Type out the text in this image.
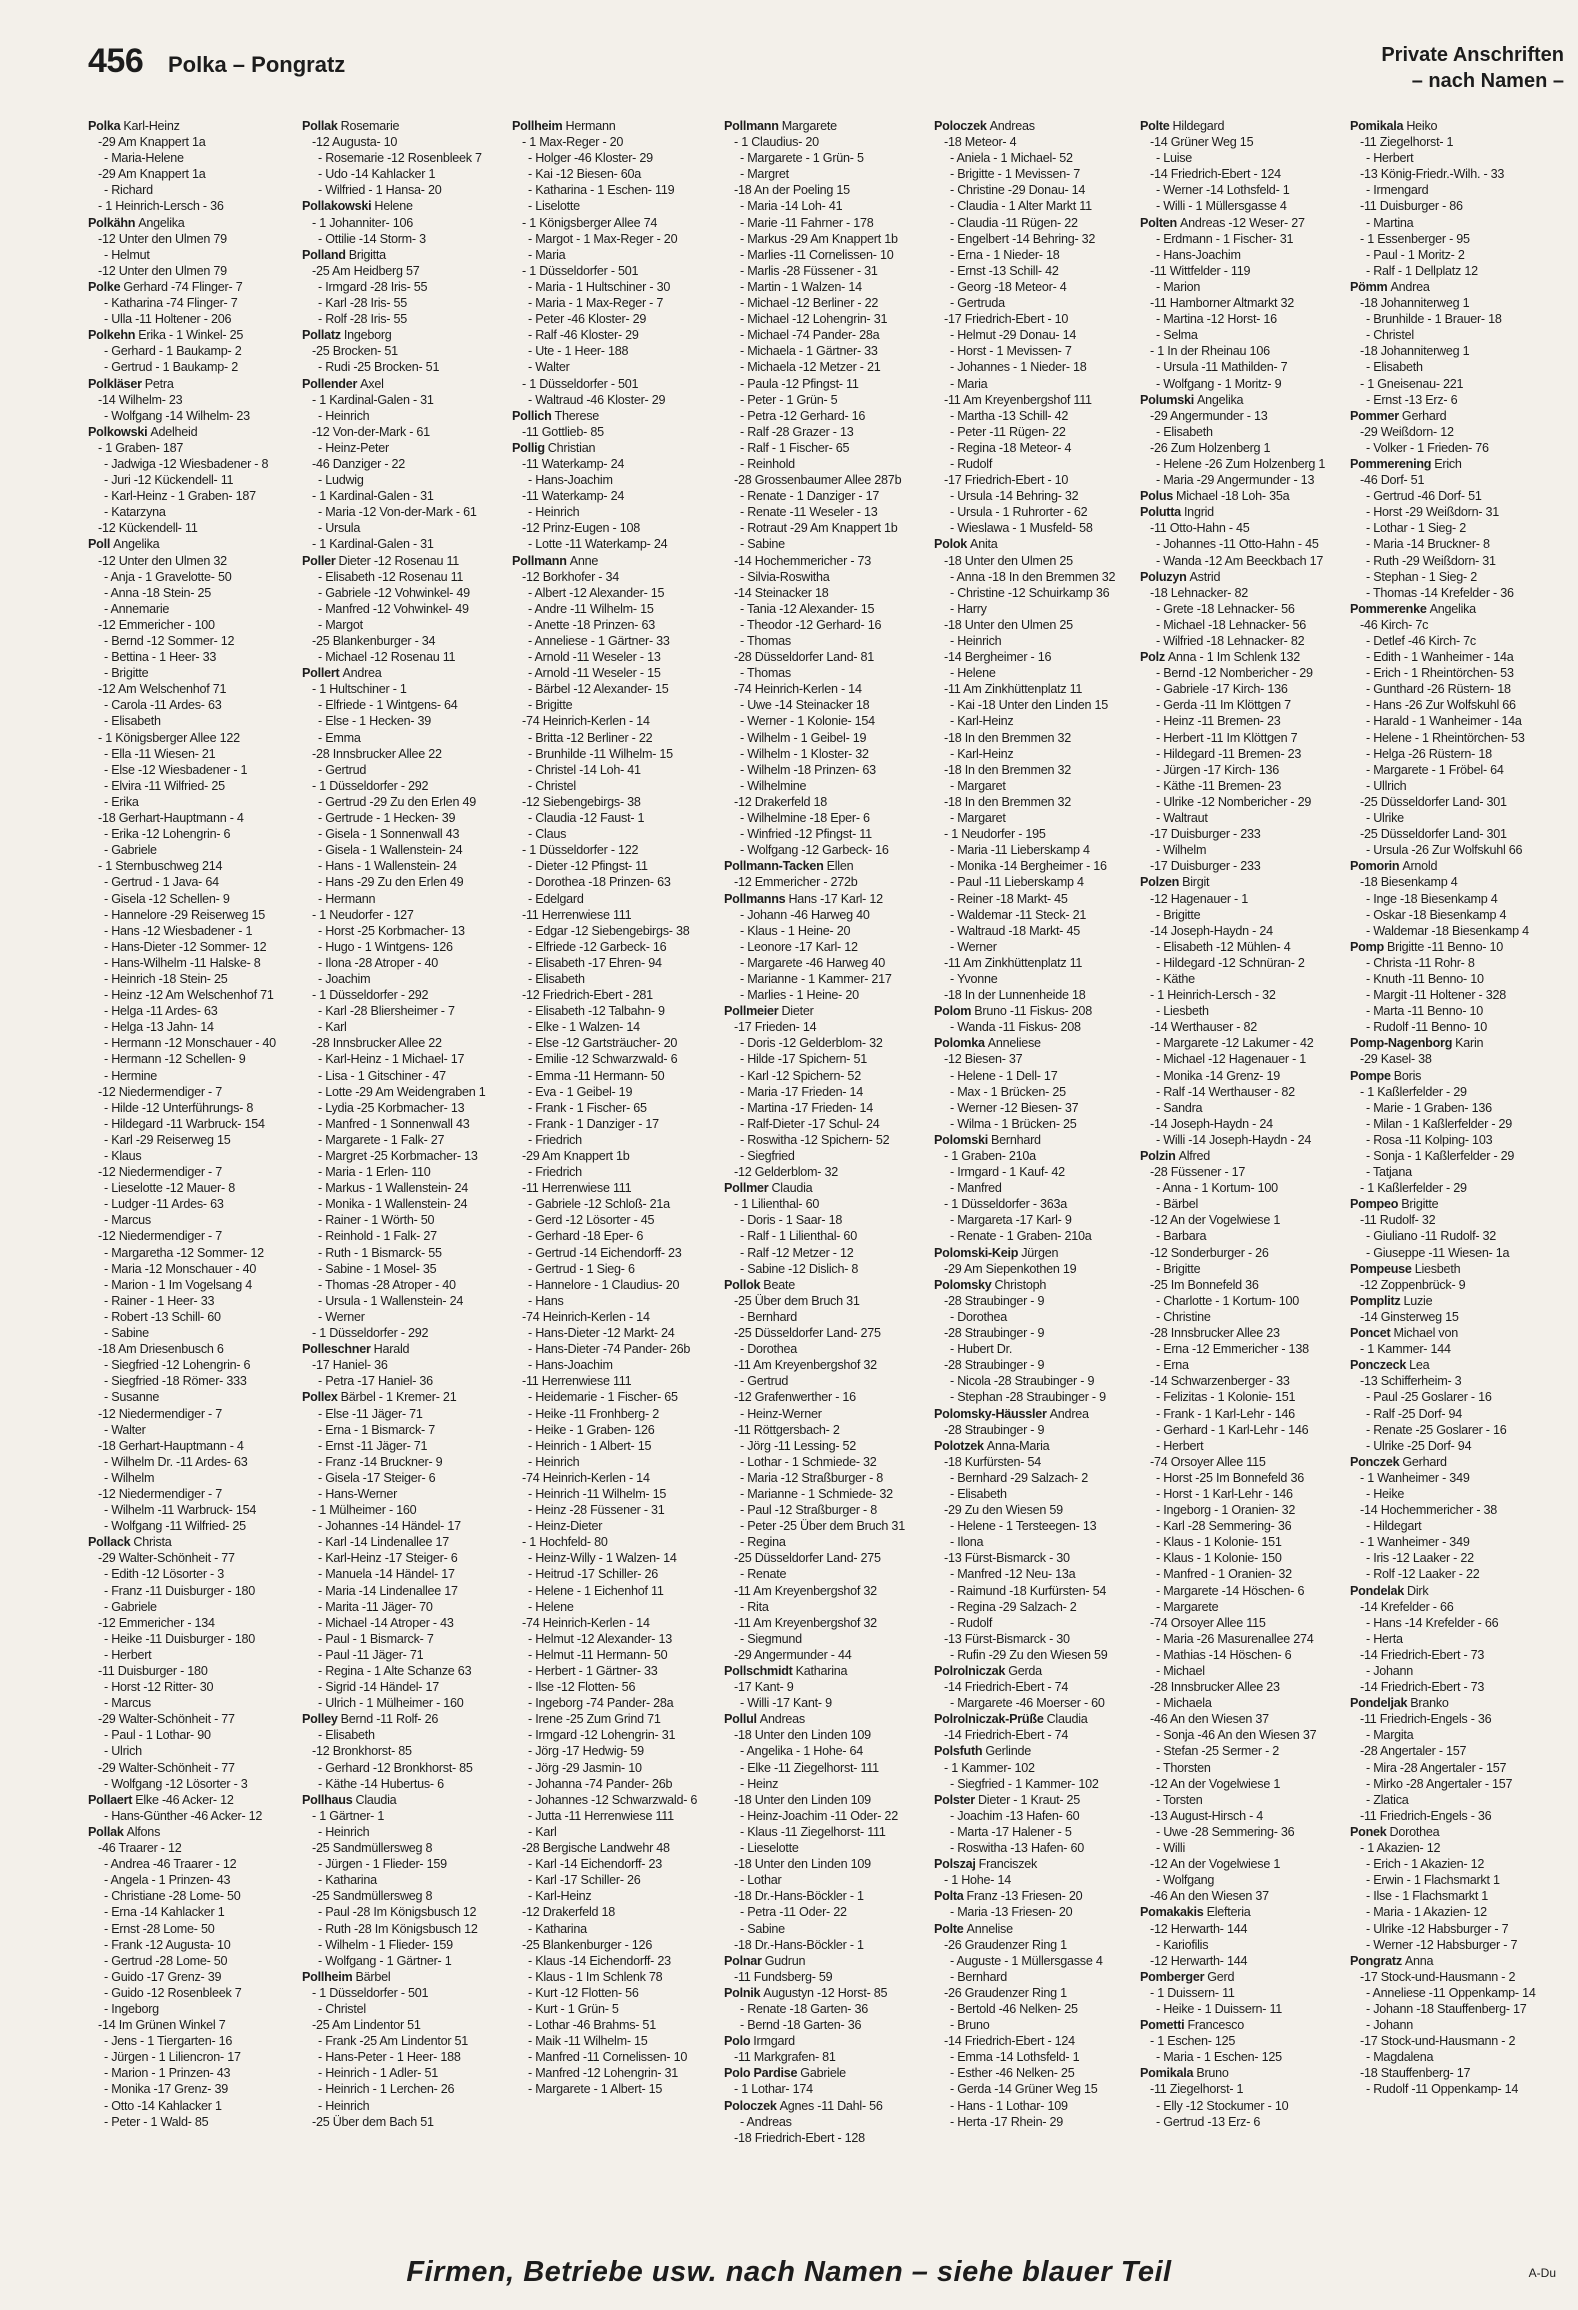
456 Polka – Pongratz	Private Anschriften
– nach Namen –
Polka Karl-Heinz
-29 Am Knappert 1a
- Maria-Helene
-29 Am Knappert 1a
- Richard
- 1 Heinrich-Lersch - 36
Polkähn Angelika
-12 Unter den Ulmen 79
- Helmut
-12 Unter den Ulmen 79
Polke Gerhard -74 Flinger- 7
- Katharina -74 Flinger- 7
- Ulla -11 Holtener - 206
Polkehn Erika - 1 Winkel- 25
- Gerhard - 1 Baukamp- 2
- Gertrud - 1 Baukamp- 2
Polkläser Petra
-14 Wilhelm- 23
- Wolfgang -14 Wilhelm- 23
Polkowski Adelheid
- 1 Graben- 187
- Jadwiga -12 Wiesbadener - 8
- Juri -12 Kückendell- 11
- Karl-Heinz - 1 Graben- 187
- Katarzyna
-12 Kückendell- 11
Poll Angelika
-12 Unter den Ulmen 32
- Anja - 1 Gravelotte- 50
- Anna -18 Stein- 25
- Annemarie
-12 Emmericher - 100
- Bernd -12 Sommer- 12
- Bettina - 1 Heer- 33
- Brigitte
-12 Am Welschenhof 71
- Carola -11 Ardes- 63
- Elisabeth
- 1 Königsberger Allee 122
- Ella -11 Wiesen- 21
- Else -12 Wiesbadener - 1
- Elvira -11 Wilfried- 25
- Erika
-18 Gerhart-Hauptmann - 4
- Erika -12 Lohengrin- 6
- Gabriele
- 1 Sternbuschweg 214
- Gertrud - 1 Java- 64
- Gisela -12 Schellen- 9
- Hannelore -29 Reiserweg 15
- Hans -12 Wiesbadener - 1
- Hans-Dieter -12 Sommer- 12
- Hans-Wilhelm -11 Halske- 8
- Heinrich -18 Stein- 25
- Heinz -12 Am Welschenhof 71
- Helga -11 Ardes- 63
- Helga -13 Jahn- 14
- Hermann -12 Monschauer - 40
- Hermann -12 Schellen- 9
- Hermine
-12 Niedermendiger - 7
- Hilde -12 Unterführungs- 8
- Hildegard -11 Warbruck- 154
- Karl -29 Reiserweg 15
- Klaus
-12 Niedermendiger - 7
- Lieselotte -12 Mauer- 8
- Ludger -11 Ardes- 63
- Marcus
-12 Niedermendiger - 7
- Margaretha -12 Sommer- 12
- Maria -12 Monschauer - 40
- Marion - 1 Im Vogelsang 4
- Rainer - 1 Heer- 33
- Robert -13 Schill- 60
- Sabine
-18 Am Driesenbusch 6
- Siegfried -12 Lohengrin- 6
- Siegfried -18 Römer- 333
- Susanne
-12 Niedermendiger - 7
- Walter
-18 Gerhart-Hauptmann - 4
- Wilhelm Dr. -11 Ardes- 63
- Wilhelm
-12 Niedermendiger - 7
- Wilhelm -11 Warbruck- 154
- Wolfgang -11 Wilfried- 25
Pollack Christa
-29 Walter-Schönheit - 77
- Edith -12 Lösorter - 3
- Franz -11 Duisburger - 180
- Gabriele
-12 Emmericher - 134
- Heike -11 Duisburger - 180
- Herbert
-11 Duisburger - 180
- Horst -12 Ritter- 30
- Marcus
-29 Walter-Schönheit - 77
- Paul - 1 Lothar- 90
- Ulrich
-29 Walter-Schönheit - 77
- Wolfgang -12 Lösorter - 3
Pollaert Elke -46 Acker- 12
- Hans-Günther -46 Acker- 12
Pollak Alfons
-46 Traarer - 12
- Andrea -46 Traarer - 12
- Angela - 1 Prinzen- 43
- Christiane -28 Lome- 50
- Erna -14 Kahlacker 1
- Ernst -28 Lome- 50
- Frank -12 Augusta- 10
- Gertrud -28 Lome- 50
- Guido -17 Grenz- 39
- Guido -12 Rosenbleek 7
- Ingeborg
-14 Im Grünen Winkel 7
- Jens - 1 Tiergarten- 16
- Jürgen - 1 Liliencron- 17
- Marion - 1 Prinzen- 43
- Monika -17 Grenz- 39
- Otto -14 Kahlacker 1
- Peter - 1 Wald- 85
Pollak Rosemarie
-12 Augusta- 10
- Rosemarie -12 Rosenbleek 7
- Udo -14 Kahlacker 1
- Wilfried - 1 Hansa- 20
Pollakowski Helene
- 1 Johanniter- 106
- Ottilie -14 Storm- 3
Polland Brigitta
-25 Am Heidberg 57
- Irmgard -28 Iris- 55
- Karl -28 Iris- 55
- Rolf -28 Iris- 55
Pollatz Ingeborg
-25 Brocken- 51
- Rudi -25 Brocken- 51
Pollender Axel
- 1 Kardinal-Galen - 31
- Heinrich
-12 Von-der-Mark - 61
- Heinz-Peter
-46 Danziger - 22
- Ludwig
- 1 Kardinal-Galen - 31
- Maria -12 Von-der-Mark - 61
- Ursula
- 1 Kardinal-Galen - 31
Poller Dieter -12 Rosenau 11
- Elisabeth -12 Rosenau 11
- Gabriele -12 Vohwinkel- 49
- Manfred -12 Vohwinkel- 49
- Margot
-25 Blankenburger - 34
- Michael -12 Rosenau 11
Pollert Andrea
- 1 Hultschiner - 1
- Elfriede - 1 Wintgens- 64
- Else - 1 Hecken- 39
- Emma
-28 Innsbrucker Allee 22
- Gertrud
- 1 Düsseldorfer - 292
- Gertrud -29 Zu den Erlen 49
- Gertrude - 1 Hecken- 39
- Gisela - 1 Sonnenwall 43
- Gisela - 1 Wallenstein- 24
- Hans - 1 Wallenstein- 24
- Hans -29 Zu den Erlen 49
- Hermann
- 1 Neudorfer - 127
- Horst -25 Korbmacher- 13
- Hugo - 1 Wintgens- 126
- Ilona -28 Atroper - 40
- Joachim
- 1 Düsseldorfer - 292
- Karl -28 Bliersheimer - 7
- Karl
-28 Innsbrucker Allee 22
- Karl-Heinz - 1 Michael- 17
- Lisa - 1 Gitschiner - 47
- Lotte -29 Am Weidengraben 1
- Lydia -25 Korbmacher- 13
- Manfred - 1 Sonnenwall 43
- Margarete - 1 Falk- 27
- Margret -25 Korbmacher- 13
- Maria - 1 Erlen- 110
- Markus - 1 Wallenstein- 24
- Monika - 1 Wallenstein- 24
- Rainer - 1 Wörth- 50
- Reinhold - 1 Falk- 27
- Ruth - 1 Bismarck- 55
- Sabine - 1 Mosel- 35
- Thomas -28 Atroper - 40
- Ursula - 1 Wallenstein- 24
- Werner
- 1 Düsseldorfer - 292
Polleschner Harald
-17 Haniel- 36
- Petra -17 Haniel- 36
Pollex Bärbel - 1 Kremer- 21
- Else -11 Jäger- 71
- Erna - 1 Bismarck- 7
- Ernst -11 Jäger- 71
- Franz -14 Bruckner- 9
- Gisela -17 Steiger- 6
- Hans-Werner
- 1 Mülheimer - 160
- Johannes -14 Händel- 17
- Karl -14 Lindenallee 17
- Karl-Heinz -17 Steiger- 6
- Manuela -14 Händel- 17
- Maria -14 Lindenallee 17
- Marita -11 Jäger- 70
- Michael -14 Atroper - 43
- Paul - 1 Bismarck- 7
- Paul -11 Jäger- 71
- Regina - 1 Alte Schanze 63
- Sigrid -14 Händel- 17
- Ulrich - 1 Mülheimer - 160
Polley Bernd -11 Rolf- 26
- Elisabeth
-12 Bronkhorst- 85
- Gerhard -12 Bronkhorst- 85
- Käthe -14 Hubertus- 6
Pollhaus Claudia
- 1 Gärtner- 1
- Heinrich
-25 Sandmüllersweg 8
- Jürgen - 1 Flieder- 159
- Katharina
-25 Sandmüllersweg 8
- Paul -28 Im Königsbusch 12
- Ruth -28 Im Königsbusch 12
- Wilhelm - 1 Flieder- 159
- Wolfgang - 1 Gärtner- 1
Pollheim Bärbel
- 1 Düsseldorfer - 501
- Christel
-25 Am Lindentor 51
- Frank -25 Am Lindentor 51
- Hans-Peter - 1 Heer- 188
- Heinrich - 1 Adler- 51
- Heinrich - 1 Lerchen- 26
- Heinrich
-25 Über dem Bach 51
Pollheim Hermann
- 1 Max-Reger - 20
- Holger -46 Kloster- 29
- Kai -12 Biesen- 60a
- Katharina - 1 Eschen- 119
- Liselotte
- 1 Königsberger Allee 74
- Margot - 1 Max-Reger - 20
- Maria
- 1 Düsseldorfer - 501
- Maria - 1 Hultschiner - 30
- Maria - 1 Max-Reger - 7
- Peter -46 Kloster- 29
- Ralf -46 Kloster- 29
- Ute - 1 Heer- 188
- Walter
- 1 Düsseldorfer - 501
- Waltraud -46 Kloster- 29
Pollich Therese
-11 Gottlieb- 85
Pollig Christian
-11 Waterkamp- 24
- Hans-Joachim
-11 Waterkamp- 24
- Heinrich
-12 Prinz-Eugen - 108
- Lotte -11 Waterkamp- 24
Pollmann Anne
-12 Borkhofer - 34
- Albert -12 Alexander- 15
- Andre -11 Wilhelm- 15
- Anette -18 Prinzen- 63
- Anneliese - 1 Gärtner- 33
- Arnold -11 Weseler - 13
- Arnold -11 Weseler - 15
- Bärbel -12 Alexander- 15
- Brigitte
-74 Heinrich-Kerlen - 14
- Britta -12 Berliner - 22
- Brunhilde -11 Wilhelm- 15
- Christel -14 Loh- 41
- Christel
-12 Siebengebirgs- 38
- Claudia -12 Faust- 1
- Claus
- 1 Düsseldorfer - 122
- Dieter -12 Pfingst- 11
- Dorothea -18 Prinzen- 63
- Edelgard
-11 Herrenwiese 111
- Edgar -12 Siebengebirgs- 38
- Elfriede -12 Garbeck- 16
- Elisabeth -17 Ehren- 94
- Elisabeth
-12 Friedrich-Ebert - 281
- Elisabeth -12 Talbahn- 9
- Elke - 1 Walzen- 14
- Else -12 Gartsträucher- 20
- Emilie -12 Schwarzwald- 6
- Emma -11 Hermann- 50
- Eva - 1 Geibel- 19
- Frank - 1 Fischer- 65
- Frank - 1 Danziger - 17
- Friedrich
-29 Am Knappert 1b
- Friedrich
-11 Herrenwiese 111
- Gabriele -12 Schloß- 21a
- Gerd -12 Lösorter - 45
- Gerhard -18 Eper- 6
- Gertrud -14 Eichendorff- 23
- Gertrud - 1 Sieg- 6
- Hannelore - 1 Claudius- 20
- Hans
-74 Heinrich-Kerlen - 14
- Hans-Dieter -12 Markt- 24
- Hans-Dieter -74 Pander- 26b
- Hans-Joachim
-11 Herrenwiese 111
- Heidemarie - 1 Fischer- 65
- Heike -11 Fronhberg- 2
- Heike - 1 Graben- 126
- Heinrich - 1 Albert- 15
- Heinrich
-74 Heinrich-Kerlen - 14
- Heinrich -11 Wilhelm- 15
- Heinz -28 Füssener - 31
- Heinz-Dieter
- 1 Hochfeld- 80
- Heinz-Willy - 1 Walzen- 14
- Heitrud -17 Schiller- 26
- Helene - 1 Eichenhof 11
- Helene
-74 Heinrich-Kerlen - 14
- Helmut -12 Alexander- 13
- Helmut -11 Hermann- 50
- Herbert - 1 Gärtner- 33
- Ilse -12 Flotten- 56
- Ingeborg -74 Pander- 28a
- Irene -25 Zum Grind 71
- Irmgard -12 Lohengrin- 31
- Jörg -17 Hedwig- 59
- Jörg -29 Jasmin- 10
- Johanna -74 Pander- 26b
- Johannes -12 Schwarzwald- 6
- Jutta -11 Herrenwiese 111
- Karl
-28 Bergische Landwehr 48
- Karl -14 Eichendorff- 23
- Karl -17 Schiller- 26
- Karl-Heinz
-12 Drakerfeld 18
- Katharina
-25 Blankenburger - 126
- Klaus -14 Eichendorff- 23
- Klaus - 1 Im Schlenk 78
- Kurt -12 Flotten- 56
- Kurt - 1 Grün- 5
- Lothar -46 Brahms- 51
- Maik -11 Wilhelm- 15
- Manfred -11 Cornelissen- 10
- Manfred -12 Lohengrin- 31
- Margarete - 1 Albert- 15
Pollmann Margarete
- 1 Claudius- 20
- Margarete - 1 Grün- 5
- Margret
-18 An der Poeling 15
- Maria -14 Loh- 41
- Marie -11 Fahrner - 178
- Markus -29 Am Knappert 1b
- Marlies -11 Cornelissen- 10
- Marlis -28 Füssener - 31
- Martin - 1 Walzen- 14
- Michael -12 Berliner - 22
- Michael -12 Lohengrin- 31
- Michael -74 Pander- 28a
- Michaela - 1 Gärtner- 33
- Michaela -12 Metzer - 21
- Paula -12 Pfingst- 11
- Peter - 1 Grün- 5
- Petra -12 Gerhard- 16
- Ralf -28 Grazer - 13
- Ralf - 1 Fischer- 65
- Reinhold
-28 Grossenbaumer Allee 287b
- Renate - 1 Danziger - 17
- Renate -11 Weseler - 13
- Rotraut -29 Am Knappert 1b
- Sabine
-14 Hochemmericher - 73
- Silvia-Roswitha
-14 Steinacker 18
- Tania -12 Alexander- 15
- Theodor -12 Gerhard- 16
- Thomas
-28 Düsseldorfer Land- 81
- Thomas
-74 Heinrich-Kerlen - 14
- Uwe -14 Steinacker 18
- Werner - 1 Kolonie- 154
- Wilhelm - 1 Geibel- 19
- Wilhelm - 1 Kloster- 32
- Wilhelm -18 Prinzen- 63
- Wilhelmine
-12 Drakerfeld 18
- Wilhelmine -18 Eper- 6
- Winfried -12 Pfingst- 11
- Wolfgang -12 Garbeck- 16
Pollmann-Tacken Ellen
-12 Emmericher - 272b
Pollmanns Hans -17 Karl- 12
- Johann -46 Harweg 40
- Klaus - 1 Heine- 20
- Leonore -17 Karl- 12
- Margarete -46 Harweg 40
- Marianne - 1 Kammer- 217
- Marlies - 1 Heine- 20
Pollmeier Dieter
-17 Frieden- 14
- Doris -12 Gelderblom- 32
- Hilde -17 Spichern- 51
- Karl -12 Spichern- 52
- Maria -17 Frieden- 14
- Martina -17 Frieden- 14
- Ralf-Dieter -17 Schul- 24
- Roswitha -12 Spichern- 52
- Siegfried
-12 Gelderblom- 32
Pollmer Claudia
- 1 Lilienthal- 60
- Doris - 1 Saar- 18
- Ralf - 1 Lilienthal- 60
- Ralf -12 Metzer - 12
- Sabine -12 Dislich- 8
Pollok Beate
-25 Über dem Bruch 31
- Bernhard
-25 Düsseldorfer Land- 275
- Dorothea
-11 Am Kreyenbergshof 32
- Gertrud
-12 Grafenwerther - 16
- Heinz-Werner
-11 Röttgersbach- 2
- Jörg -11 Lessing- 52
- Lothar - 1 Schmiede- 32
- Maria -12 Straßburger - 8
- Marianne - 1 Schmiede- 32
- Paul -12 Straßburger - 8
- Peter -25 Über dem Bruch 31
- Regina
-25 Düsseldorfer Land- 275
- Renate
-11 Am Kreyenbergshof 32
- Rita
-11 Am Kreyenbergshof 32
- Siegmund
-29 Angermunder - 44
Pollschmidt Katharina
-17 Kant- 9
- Willi -17 Kant- 9
Pollul Andreas
-18 Unter den Linden 109
- Angelika - 1 Hohe- 64
- Elke -11 Ziegelhorst- 111
- Heinz
-18 Unter den Linden 109
- Heinz-Joachim -11 Oder- 22
- Klaus -11 Ziegelhorst- 111
- Lieselotte
-18 Unter den Linden 109
- Lothar
-18 Dr.-Hans-Böckler - 1
- Petra -11 Oder- 22
- Sabine
-18 Dr.-Hans-Böckler - 1
Polnar Gudrun
-11 Fundsberg- 59
Polnik Augustyn -12 Horst- 85
- Renate -18 Garten- 36
- Bernd -18 Garten- 36
Polo Irmgard
-11 Markgrafen- 81
Polo Pardise Gabriele
- 1 Lothar- 174
Poloczek Agnes -11 Dahl- 56
- Andreas
-18 Friedrich-Ebert - 128
Poloczek Andreas
-18 Meteor- 4
- Aniela - 1 Michael- 52
- Brigitte - 1 Mevissen- 7
- Christine -29 Donau- 14
- Claudia - 1 Alter Markt 11
- Claudia -11 Rügen- 22
- Engelbert -14 Behring- 32
- Erna - 1 Nieder- 18
- Ernst -13 Schill- 42
- Georg -18 Meteor- 4
- Gertruda
-17 Friedrich-Ebert - 10
- Helmut -29 Donau- 14
- Horst - 1 Mevissen- 7
- Johannes - 1 Nieder- 18
- Maria
-11 Am Kreyenbergshof 111
- Martha -13 Schill- 42
- Peter -11 Rügen- 22
- Regina -18 Meteor- 4
- Rudolf
-17 Friedrich-Ebert - 10
- Ursula -14 Behring- 32
- Ursula - 1 Ruhrorter - 62
- Wieslawa - 1 Musfeld- 58
Polok Anita
-18 Unter den Ulmen 25
- Anna -18 In den Bremmen 32
- Christine -12 Schuirkamp 36
- Harry
-18 Unter den Ulmen 25
- Heinrich
-14 Bergheimer - 16
- Helene
-11 Am Zinkhüttenplatz 11
- Kai -18 Unter den Linden 15
- Karl-Heinz
-18 In den Bremmen 32
- Karl-Heinz
-18 In den Bremmen 32
- Margaret
-18 In den Bremmen 32
- Margaret
- 1 Neudorfer - 195
- Maria -11 Lieberskamp 4
- Monika -14 Bergheimer - 16
- Paul -11 Lieberskamp 4
- Reiner -18 Markt- 45
- Waldemar -11 Steck- 21
- Waltraud -18 Markt- 45
- Werner
-11 Am Zinkhüttenplatz 11
- Yvonne
-18 In der Lunnenheide 18
Polom Bruno -11 Fiskus- 208
- Wanda -11 Fiskus- 208
Polomka Anneliese
-12 Biesen- 37
- Helene - 1 Dell- 17
- Max - 1 Brücken- 25
- Werner -12 Biesen- 37
- Wilma - 1 Brücken- 25
Polomski Bernhard
- 1 Graben- 210a
- Irmgard - 1 Kauf- 42
- Manfred
- 1 Düsseldorfer - 363a
- Margareta -17 Karl- 9
- Renate - 1 Graben- 210a
Polomski-Keip Jürgen
-29 Am Siepenkothen 19
Polomsky Christoph
-28 Straubinger - 9
- Dorothea
-28 Straubinger - 9
- Hubert Dr.
-28 Straubinger - 9
- Nicola -28 Straubinger - 9
- Stephan -28 Straubinger - 9
Polomsky-Häussler Andrea
-28 Straubinger - 9
Polotzek Anna-Maria
-18 Kurfürsten- 54
- Bernhard -29 Salzach- 2
- Elisabeth
-29 Zu den Wiesen 59
- Helene - 1 Tersteegen- 13
- Ilona
-13 Fürst-Bismarck - 30
- Manfred -12 Neu- 13a
- Raimund -18 Kurfürsten- 54
- Regina -29 Salzach- 2
- Rudolf
-13 Fürst-Bismarck - 30
- Rufin -29 Zu den Wiesen 59
Polrolniczak Gerda
-14 Friedrich-Ebert - 74
- Margarete -46 Moerser - 60
Polrolniczak-Prüße Claudia
-14 Friedrich-Ebert - 74
Polsfuth Gerlinde
- 1 Kammer- 102
- Siegfried - 1 Kammer- 102
Polster Dieter - 1 Kraut- 25
- Joachim -13 Hafen- 60
- Marta -17 Halener - 5
- Roswitha -13 Hafen- 60
Polszaj Franciszek
- 1 Hohe- 14
Polta Franz -13 Friesen- 20
- Maria -13 Friesen- 20
Polte Annelise
-26 Graudenzer Ring 1
- Auguste - 1 Müllersgasse 4
- Bernhard
-26 Graudenzer Ring 1
- Bertold -46 Nelken- 25
- Bruno
-14 Friedrich-Ebert - 124
- Emma -14 Lothsfeld- 1
- Esther -46 Nelken- 25
- Gerda -14 Grüner Weg 15
- Hans - 1 Lothar- 109
- Herta -17 Rhein- 29
Polte Hildegard
-14 Grüner Weg 15
- Luise
-14 Friedrich-Ebert - 124
- Werner -14 Lothsfeld- 1
- Willi - 1 Müllersgasse 4
Polten Andreas -12 Weser- 27
- Erdmann - 1 Fischer- 31
- Hans-Joachim
-11 Wittfelder - 119
- Marion
-11 Hamborner Altmarkt 32
- Martina -12 Horst- 16
- Selma
- 1 In der Rheinau 106
- Ursula -11 Mathilden- 7
- Wolfgang - 1 Moritz- 9
Polumski Angelika
-29 Angermunder - 13
- Elisabeth
-26 Zum Holzenberg 1
- Helene -26 Zum Holzenberg 1
- Maria -29 Angermunder - 13
Polus Michael -18 Loh- 35a
Polutta Ingrid
-11 Otto-Hahn - 45
- Johannes -11 Otto-Hahn - 45
- Wanda -12 Am Beeckbach 17
Poluzyn Astrid
-18 Lehnacker- 82
- Grete -18 Lehnacker- 56
- Michael -18 Lehnacker- 56
- Wilfried -18 Lehnacker- 82
Polz Anna - 1 Im Schlenk 132
- Bernd -12 Nombericher - 29
- Gabriele -17 Kirch- 136
- Gerda -11 Im Klöttgen 7
- Heinz -11 Bremen- 23
- Herbert -11 Im Klöttgen 7
- Hildegard -11 Bremen- 23
- Jürgen -17 Kirch- 136
- Käthe -11 Bremen- 23
- Ulrike -12 Nombericher - 29
- Waltraut
-17 Duisburger - 233
- Wilhelm
-17 Duisburger - 233
Polzen Birgit
-12 Hagenauer - 1
- Brigitte
-14 Joseph-Haydn - 24
- Elisabeth -12 Mühlen- 4
- Hildegard -12 Schnüran- 2
- Käthe
- 1 Heinrich-Lersch - 32
- Liesbeth
-14 Werthauser - 82
- Margarete -12 Lakumer - 42
- Michael -12 Hagenauer - 1
- Monika -14 Grenz- 19
- Ralf -14 Werthauser - 82
- Sandra
-14 Joseph-Haydn - 24
- Willi -14 Joseph-Haydn - 24
Polzin Alfred
-28 Füssener - 17
- Anna - 1 Kortum- 100
- Bärbel
-12 An der Vogelwiese 1
- Barbara
-12 Sonderburger - 26
- Brigitte
-25 Im Bonnefeld 36
- Charlotte - 1 Kortum- 100
- Christine
-28 Innsbrucker Allee 23
- Erna -12 Emmericher - 138
- Erna
-14 Schwarzenberger - 33
- Felizitas - 1 Kolonie- 151
- Frank - 1 Karl-Lehr - 146
- Gerhard - 1 Karl-Lehr - 146
- Herbert
-74 Orsoyer Allee 115
- Horst -25 Im Bonnefeld 36
- Horst - 1 Karl-Lehr - 146
- Ingeborg - 1 Oranien- 32
- Karl -28 Semmering- 36
- Klaus - 1 Kolonie- 151
- Klaus - 1 Kolonie- 150
- Manfred - 1 Oranien- 32
- Margarete -14 Höschen- 6
- Margarete
-74 Orsoyer Allee 115
- Maria -26 Masurenallee 274
- Mathias -14 Höschen- 6
- Michael
-28 Innsbrucker Allee 23
- Michaela
-46 An den Wiesen 37
- Sonja -46 An den Wiesen 37
- Stefan -25 Sermer - 2
- Thorsten
-12 An der Vogelwiese 1
- Torsten
-13 August-Hirsch - 4
- Uwe -28 Semmering- 36
- Willi
-12 An der Vogelwiese 1
- Wolfgang
-46 An den Wiesen 37
Pomakakis Elefteria
-12 Herwarth- 144
- Kariofilis
-12 Herwarth- 144
Pomberger Gerd
- 1 Duissern- 11
- Heike - 1 Duissern- 11
Pometti Francesco
- 1 Eschen- 125
- Maria - 1 Eschen- 125
Pomikala Bruno
-11 Ziegelhorst- 1
- Elly -12 Stockumer - 10
- Gertrud -13 Erz- 6
Pomikala Heiko
-11 Ziegelhorst- 1
- Herbert
-13 König-Friedr.-Wilh. - 33
- Irmengard
-11 Duisburger - 86
- Martina
- 1 Essenberger - 95
- Paul - 1 Moritz- 2
- Ralf - 1 Dellplatz 12
Pömm Andrea
-18 Johanniterweg 1
- Brunhilde - 1 Brauer- 18
- Christel
-18 Johanniterweg 1
- Elisabeth
- 1 Gneisenau- 221
- Ernst -13 Erz- 6
Pommer Gerhard
-29 Weißdorn- 12
- Volker - 1 Frieden- 76
Pommerening Erich
-46 Dorf- 51
- Gertrud -46 Dorf- 51
- Horst -29 Weißdorn- 31
- Lothar - 1 Sieg- 2
- Maria -14 Bruckner- 8
- Ruth -29 Weißdorn- 31
- Stephan - 1 Sieg- 2
- Thomas -14 Krefelder - 36
Pommerenke Angelika
-46 Kirch- 7c
- Detlef -46 Kirch- 7c
- Edith - 1 Wanheimer - 14a
- Erich - 1 Rheintörchen- 53
- Gunthard -26 Rüstern- 18
- Hans -26 Zur Wolfskuhl 66
- Harald - 1 Wanheimer - 14a
- Helene - 1 Rheintörchen- 53
- Helga -26 Rüstern- 18
- Margarete - 1 Fröbel- 64
- Ullrich
-25 Düsseldorfer Land- 301
- Ulrike
-25 Düsseldorfer Land- 301
- Ursula -26 Zur Wolfskuhl 66
Pomorin Arnold
-18 Biesenkamp 4
- Inge -18 Biesenkamp 4
- Oskar -18 Biesenkamp 4
- Waldemar -18 Biesenkamp 4
Pomp Brigitte -11 Benno- 10
- Christa -11 Rohr- 8
- Knuth -11 Benno- 10
- Margit -11 Holtener - 328
- Marta -11 Benno- 10
- Rudolf -11 Benno- 10
Pomp-Nagenborg Karin
-29 Kasel- 38
Pompe Boris
- 1 Kaßlerfelder - 29
- Marie - 1 Graben- 136
- Milan - 1 Kaßlerfelder - 29
- Rosa -11 Kolping- 103
- Sonja - 1 Kaßlerfelder - 29
- Tatjana
- 1 Kaßlerfelder - 29
Pompeo Brigitte
-11 Rudolf- 32
- Giuliano -11 Rudolf- 32
- Giuseppe -11 Wiesen- 1a
Pompeuse Liesbeth
-12 Zoppenbrück- 9
Pomplitz Luzie
-14 Ginsterweg 15
Poncet Michael von
- 1 Kammer- 144
Ponczeck Lea
-13 Schifferheim- 3
- Paul -25 Goslarer - 16
- Ralf -25 Dorf- 94
- Renate -25 Goslarer - 16
- Ulrike -25 Dorf- 94
Ponczek Gerhard
- 1 Wanheimer - 349
- Heike
-14 Hochemmericher - 38
- Hildegart
- 1 Wanheimer - 349
- Iris -12 Laaker - 22
- Rolf -12 Laaker - 22
Pondelak Dirk
-14 Krefelder - 66
- Hans -14 Krefelder - 66
- Herta
-14 Friedrich-Ebert - 73
- Johann
-14 Friedrich-Ebert - 73
Pondeljak Branko
-11 Friedrich-Engels - 36
- Margita
-28 Angertaler - 157
- Mira -28 Angertaler - 157
- Mirko -28 Angertaler - 157
- Zlatica
-11 Friedrich-Engels - 36
Ponek Dorothea
- 1 Akazien- 12
- Erich - 1 Akazien- 12
- Erwin - 1 Flachsmarkt 1
- Ilse - 1 Flachsmarkt 1
- Maria - 1 Akazien- 12
- Ulrike -12 Habsburger - 7
- Werner -12 Habsburger - 7
Pongratz Anna
-17 Stock-und-Hausmann - 2
- Anneliese -11 Oppenkamp- 14
- Johann -18 Stauffenberg- 17
- Johann
-17 Stock-und-Hausmann - 2
- Magdalena
-18 Stauffenberg- 17
- Rudolf -11 Oppenkamp- 14
Firmen, Betriebe usw. nach Namen – siehe blauer Teil	A-Du
